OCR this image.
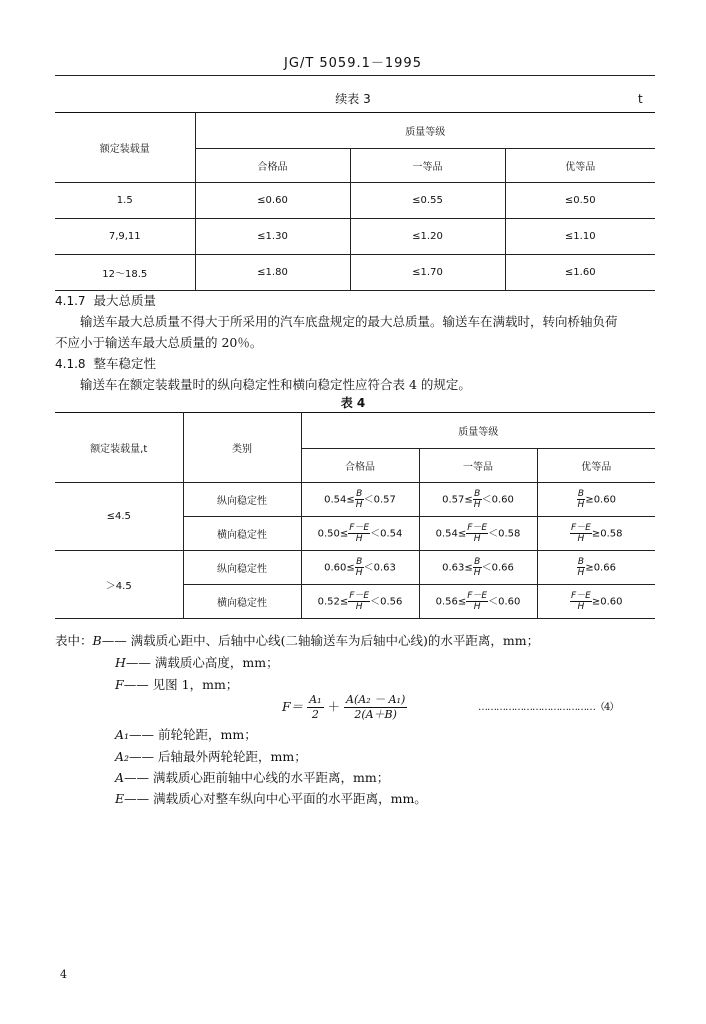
JG/T 5059.1－1995
续表 3	t
额定装载量	质量等级		
	合格品	一等品	优等品
1.5	≤0.60	≤0.55	≤0.50
7,9,11	≤1.30	≤1.20	≤1.10
12～18.5	≤1.80	≤1.70	≤1.60
4.1.7 最大总质量
输送车最大总质量不得大于所采用的汽车底盘规定的最大总质量。输送车在满载时，转向桥轴负荷
不应小于输送车最大总质量的 20％。
4.1.8 整车稳定性
输送车在额定装载量时的纵向稳定性和横向稳定性应符合表 4 的规定。
表 4
额定装载量,t	类别	质量等级		
		合格品	一等品	优等品
≤4.5	纵向稳定性	$0.54\le \frac{B}{H} <0.57$	$0.57\le \frac{B}{H} <0.60$	$\frac{B}{H} \ge 0.60$
	横向稳定性	$0.50\le \frac{F-E}{H} <0.54$	$0.54\le \frac{F-E}{H} <0.58$	$\frac{F-E}{H} \ge 0.58$
＞4.5	纵向稳定性	$0.60\le \frac{B}{H} <0.63$	$0.63\le \frac{B}{H} <0.66$	$\frac{B}{H} \ge 0.66$
	横向稳定性	$0.52\le \frac{F-E}{H} <0.56$	$0.56\le \frac{F-E}{H} <0.60$	$\frac{F-E}{H} \ge 0.60$
表中：B—— 满载质心距中、后轴中心线(二轴输送车为后轴中心线)的水平距离，mm；
H—— 满载质心高度，mm；
F—— 见图 1，mm；
$F= \frac{\text{A₁}}{2} + \frac{\text{A(A₂ － A₁)}}{2(A+B)}$	…………………………………（4）
A₁—— 前轮轮距，mm；
A₂—— 后轴最外两轮轮距，mm；
A—— 满载质心距前轴中心线的水平距离，mm；
E—— 满载质心对整车纵向中心平面的水平距离，mm。
4
